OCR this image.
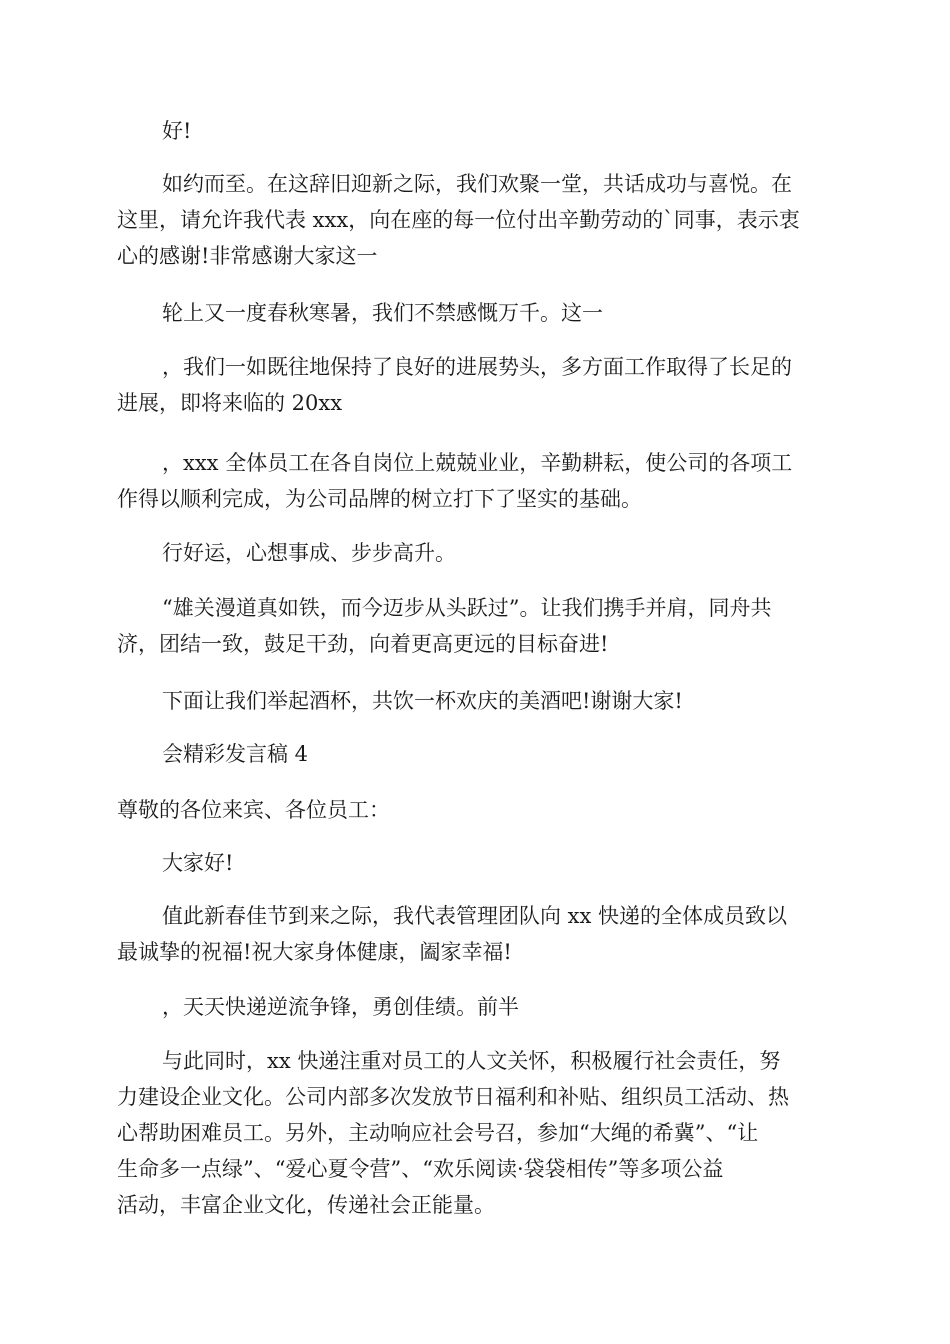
好!

如约而至。在这辞旧迎新之际，我们欢聚一堂，共话成功与喜悦。在
这里，请允许我代表 xxx，向在座的每一位付出辛勤劳动的`同事，表示衷
心的感谢!非常感谢大家这一

轮上又一度春秋寒暑，我们不禁感慨万千。这一

，我们一如既往地保持了良好的进展势头，多方面工作取得了长足的
进展，即将来临的 20xx

，xxx 全体员工在各自岗位上兢兢业业，辛勤耕耘，使公司的各项工
作得以顺利完成，为公司品牌的树立打下了坚实的基础。

行好运，心想事成、步步高升。

“雄关漫道真如铁，而今迈步从头跃过”。让我们携手并肩，同舟共
济，团结一致，鼓足干劲，向着更高更远的目标奋进!

下面让我们举起酒杯，共饮一杯欢庆的美酒吧!谢谢大家!

会精彩发言稿 4

尊敬的各位来宾、各位员工：

大家好!

值此新春佳节到来之际，我代表管理团队向 xx 快递的全体成员致以
最诚挚的祝福!祝大家身体健康，阖家幸福!

，天天快递逆流争锋，勇创佳绩。前半

与此同时，xx 快递注重对员工的人文关怀，积极履行社会责任，努
力建设企业文化。公司内部多次发放节日福利和补贴、组织员工活动、热
心帮助困难员工。另外，主动响应社会号召，参加“大绳的希冀”、“让
生命多一点绿”、“爱心夏令营”、“欢乐阅读·袋袋相传”等多项公益
活动，丰富企业文化，传递社会正能量。
